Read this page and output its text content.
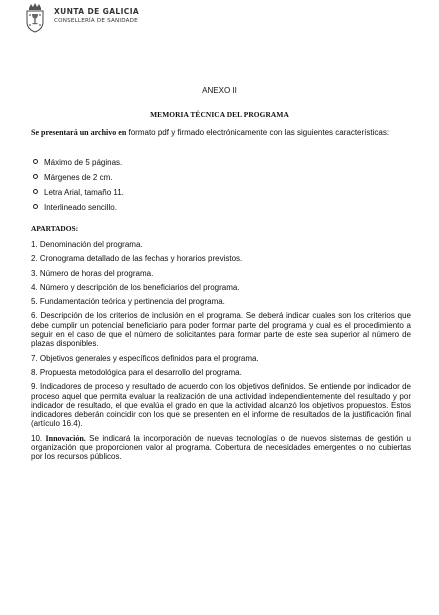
XUNTA DE GALICIA
CONSELLERÍA DE SANIDADE
ANEXO II
MEMORIA TÉCNICA DEL PROGRAMA
Se presentará un archivo en formato pdf y firmado electrónicamente con las siguientes características:
Máximo de 5 páginas.
Márgenes de 2 cm.
Letra Arial, tamaño 11.
Interlineado sencillo.
APARTADOS:
1. Denominación del programa.
2. Cronograma detallado de las fechas y horarios previstos.
3. Número de horas del programa.
4. Número y descripción de los beneficiarios del programa.
5. Fundamentación teórica y pertinencia del programa.
6. Descripción de los criterios de inclusión en el programa. Se deberá indicar cuales son los criterios que debe cumplir un potencial beneficiario para poder formar parte del programa y cual es el procedimiento a seguir en el caso de que el número de solicitantes para formar parte de este sea superior al número de plazas disponibles.
7. Objetivos generales y específicos definidos para el programa.
8. Propuesta metodológica para el desarrollo del programa.
9. Indicadores de proceso y resultado de acuerdo con los objetivos definidos. Se entiende por indicador de proceso aquel que permita evaluar la realización de una actividad independientemente del resultado y por indicador de resultado, el que evalúa el grado en que la actividad alcanzó los objetivos propuestos. Estos indicadores deberán coincidir con los que se presenten en el informe de resultados de la justificación final (artículo 16.4).
10. Innovación. Se indicará la incorporación de nuevas tecnologías o de nuevos sistemas de gestión u organización que proporcionen valor al programa. Cobertura de necesidades emergentes o no cubiertas por los recursos públicos.
